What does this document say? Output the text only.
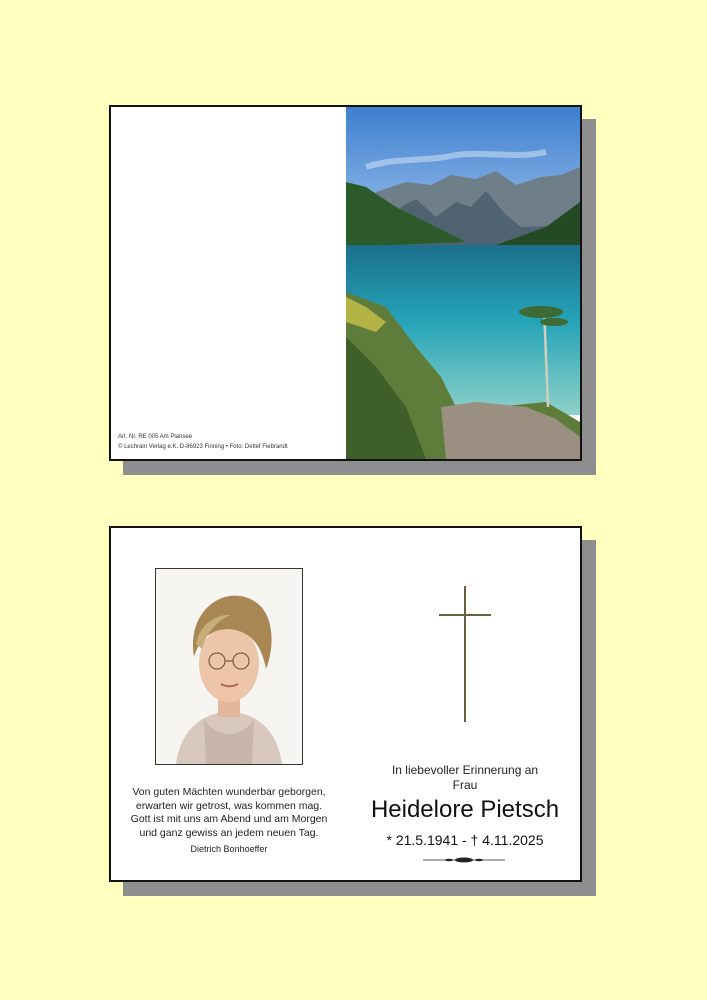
Art. Nr. RE 005 Am Plansee
© Lechrain Verlag e.K. D-86923 Finning • Foto: Detlef Fiebrandt
Von guten Mächten wunderbar geborgen,
erwarten wir getrost, was kommen mag.
Gott ist mit uns am Abend und am Morgen
und ganz gewiss an jedem neuen Tag.
Dietrich Bonhoeffer
In liebevoller Erinnerung an
Frau
Heidelore Pietsch
* 21.5.1941 - † 4.11.2025
